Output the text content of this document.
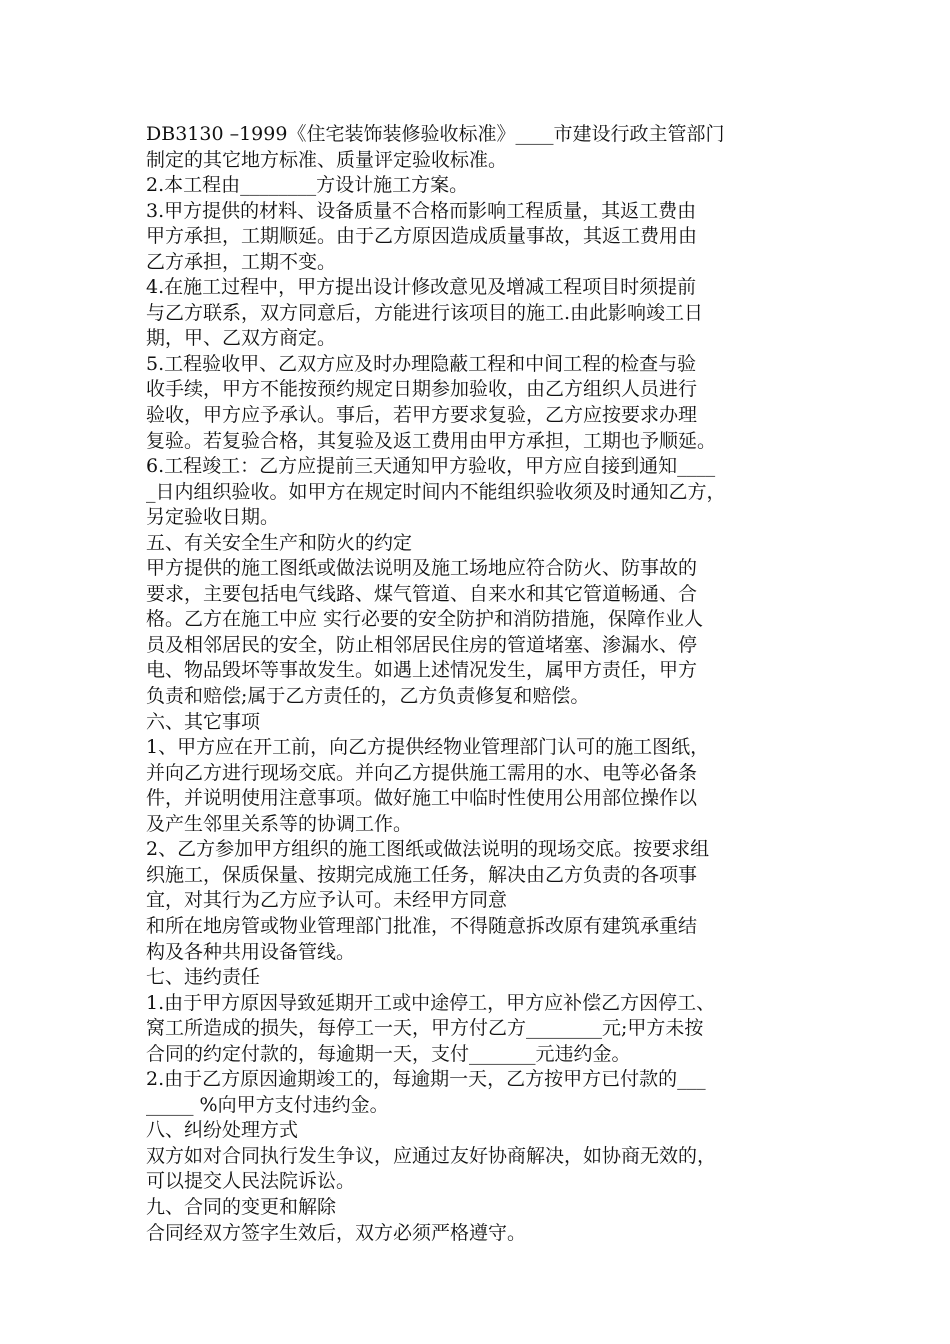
DB3130 –1999《住宅装饰装修验收标准》____市建设行政主管部门
制定的其它地方标准、质量评定验收标准。
2.本工程由________方设计施工方案。
3.甲方提供的材料、设备质量不合格而影响工程质量，其返工费由
甲方承担，工期顺延。由于乙方原因造成质量事故，其返工费用由
乙方承担，工期不变。
4.在施工过程中，甲方提出设计修改意见及增减工程项目时须提前
与乙方联系，双方同意后，方能进行该项目的施工.由此影响竣工日
期，甲、乙双方商定。
5.工程验收甲、乙双方应及时办理隐蔽工程和中间工程的检查与验
收手续，甲方不能按预约规定日期参加验收，由乙方组织人员进行
验收，甲方应予承认。事后，若甲方要求复验，乙方应按要求办理
复验。若复验合格，其复验及返工费用由甲方承担，工期也予顺延。
6.工程竣工：乙方应提前三天通知甲方验收，甲方应自接到通知____
_日内组织验收。如甲方在规定时间内不能组织验收须及时通知乙方，
另定验收日期。
五、有关安全生产和防火的约定
甲方提供的施工图纸或做法说明及施工场地应符合防火、防事故的
要求，主要包括电气线路、煤气管道、自来水和其它管道畅通、合
格。乙方在施工中应 实行必要的安全防护和消防措施，保障作业人
员及相邻居民的安全，防止相邻居民住房的管道堵塞、渗漏水、停
电、物品毁坏等事故发生。如遇上述情况发生，属甲方责任，甲方
负责和赔偿;属于乙方责任的，乙方负责修复和赔偿。
六、其它事项
1、甲方应在开工前，向乙方提供经物业管理部门认可的施工图纸，
并向乙方进行现场交底。并向乙方提供施工需用的水、电等必备条
件，并说明使用注意事项。做好施工中临时性使用公用部位操作以
及产生邻里关系等的协调工作。
2、乙方参加甲方组织的施工图纸或做法说明的现场交底。按要求组
织施工，保质保量、按期完成施工任务，解决由乙方负责的各项事
宜，对其行为乙方应予认可。未经甲方同意
和所在地房管或物业管理部门批准，不得随意拆改原有建筑承重结
构及各种共用设备管线。
七、违约责任
1.由于甲方原因导致延期开工或中途停工，甲方应补偿乙方因停工、
窝工所造成的损失，每停工一天，甲方付乙方________元;甲方未按
合同的约定付款的，每逾期一天，支付_______元违约金。
2.由于乙方原因逾期竣工的，每逾期一天，乙方按甲方已付款的___
_____ %向甲方支付违约金。
八、纠纷处理方式
双方如对合同执行发生争议，应通过友好协商解决，如协商无效的，
可以提交人民法院诉讼。
九、合同的变更和解除
合同经双方签字生效后，双方必须严格遵守。
